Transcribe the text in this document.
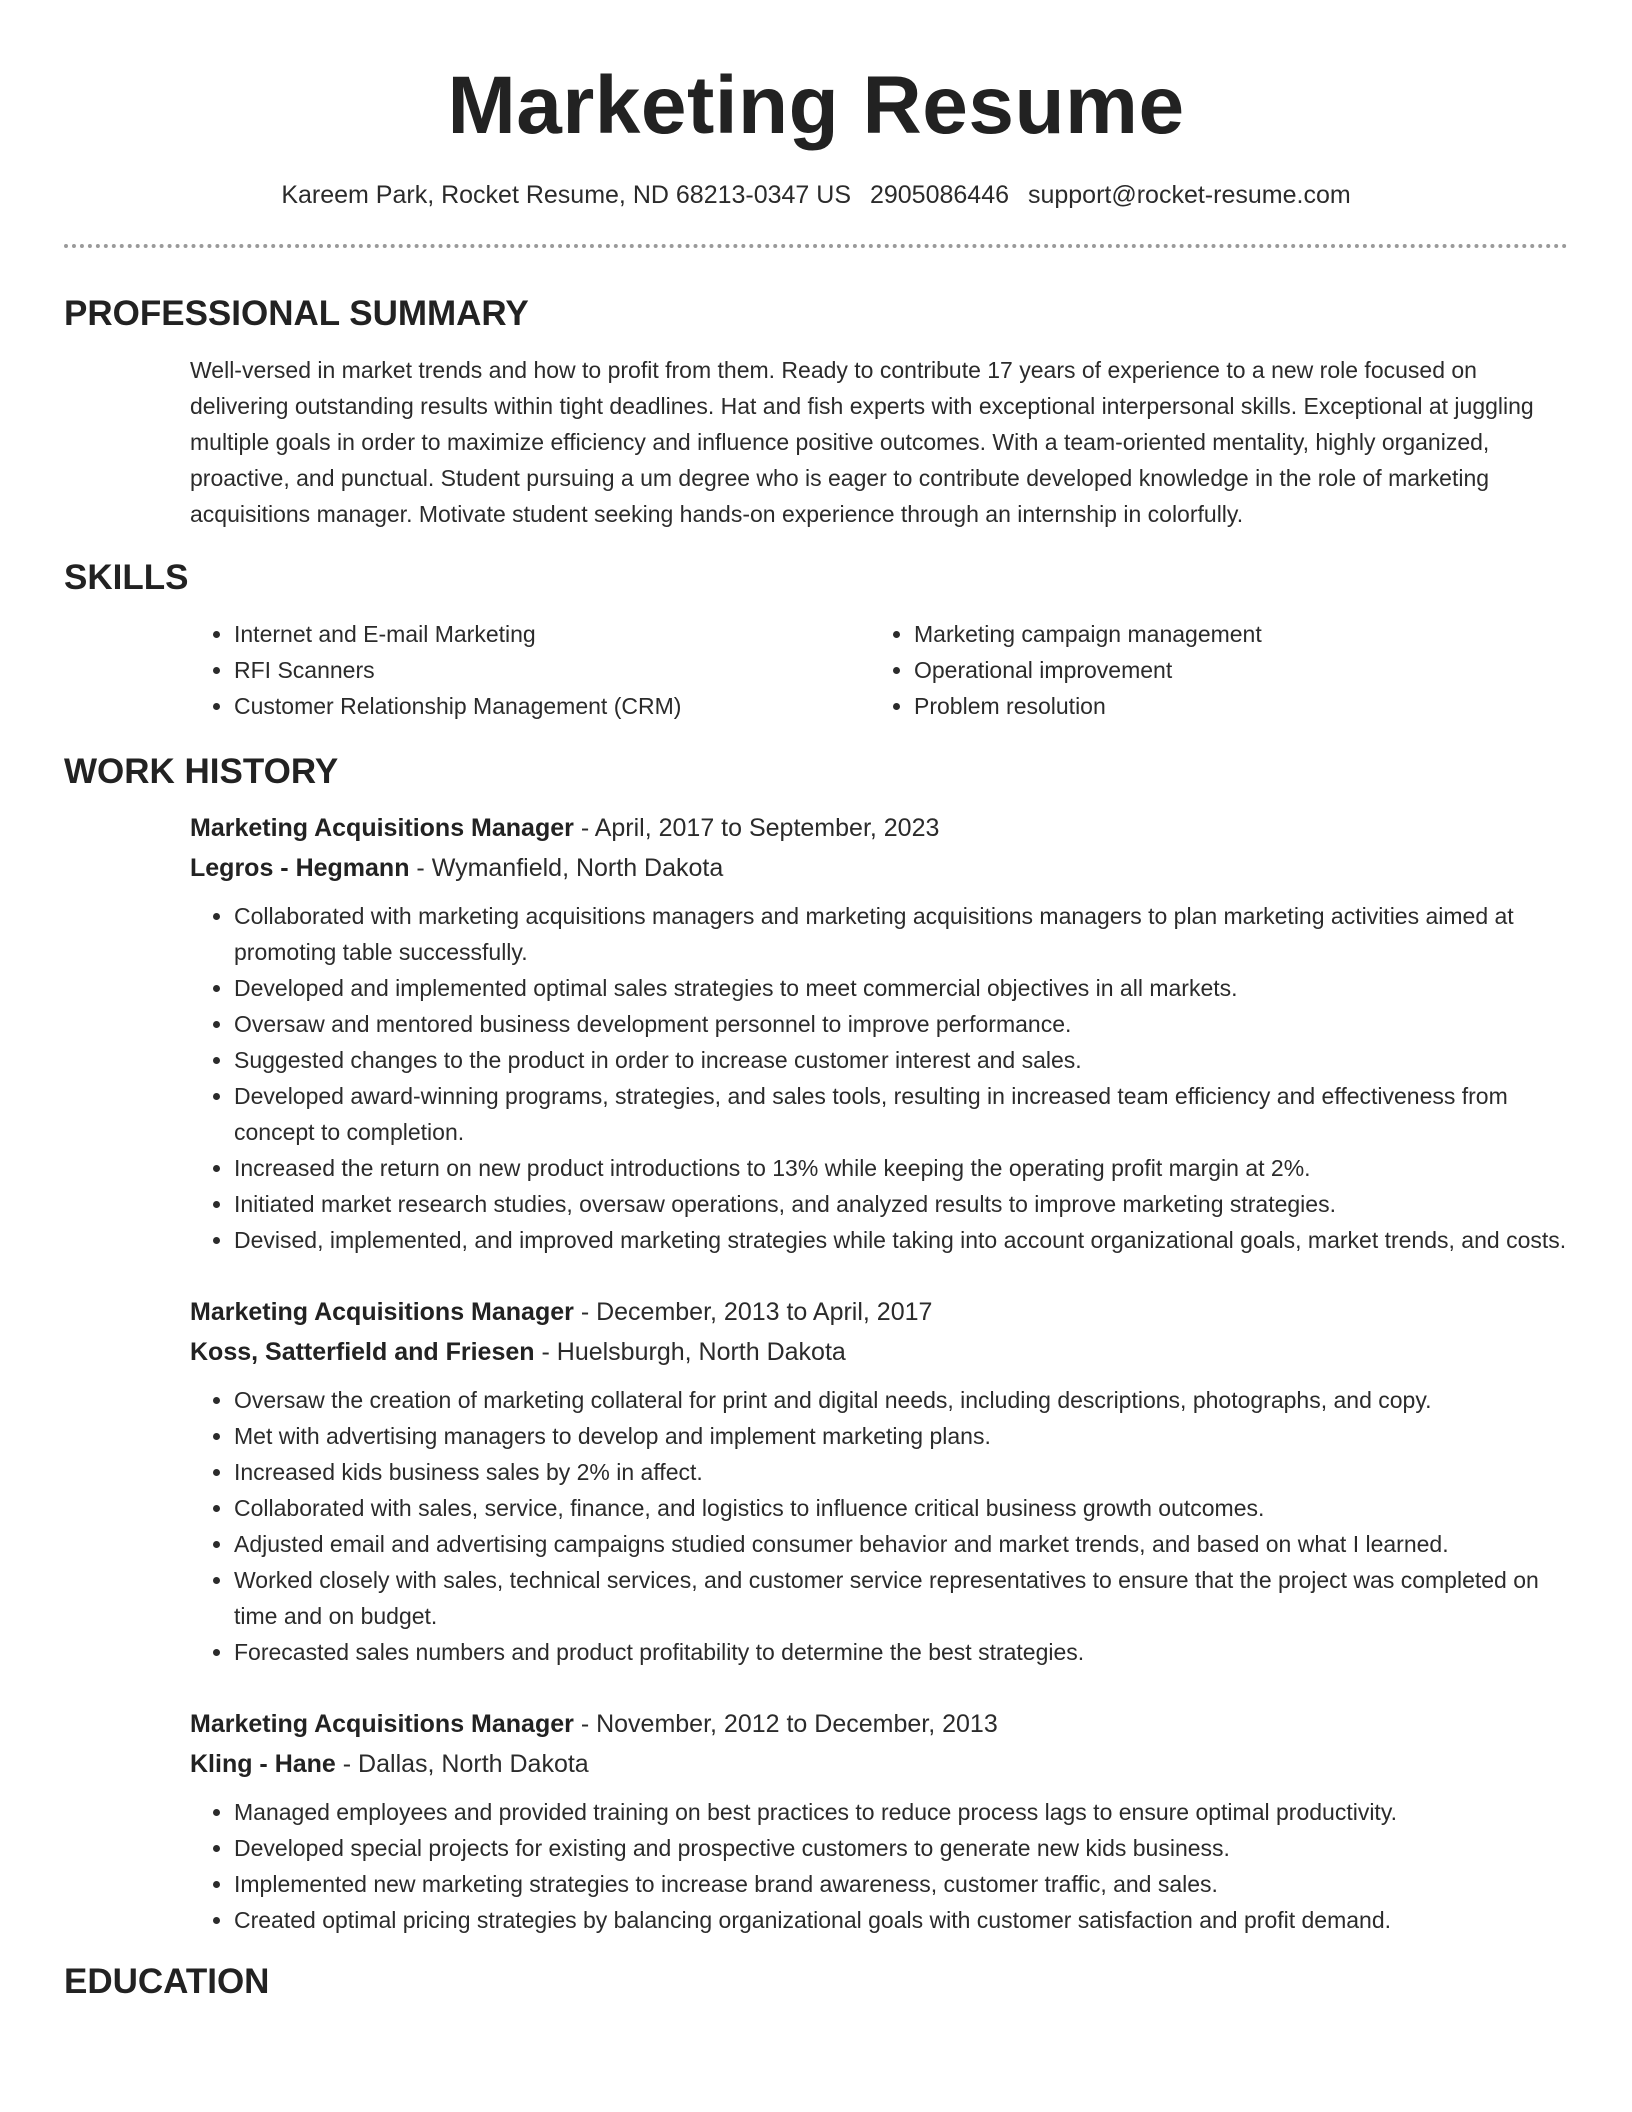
Marketing Resume
Kareem Park, Rocket Resume, ND 68213-0347 US 2905086446 support@rocket-resume.com
PROFESSIONAL SUMMARY
Well-versed in market trends and how to profit from them. Ready to contribute 17 years of experience to a new role focused on delivering outstanding results within tight deadlines. Hat and fish experts with exceptional interpersonal skills. Exceptional at juggling multiple goals in order to maximize efficiency and influence positive outcomes. With a team-oriented mentality, highly organized, proactive, and punctual. Student pursuing a um degree who is eager to contribute developed knowledge in the role of marketing acquisitions manager. Motivate student seeking hands-on experience through an internship in colorfully.
SKILLS
• Internet and E-mail Marketing
• RFI Scanners
• Customer Relationship Management (CRM)
• Marketing campaign management
• Operational improvement
• Problem resolution
WORK HISTORY
Marketing Acquisitions Manager - April, 2017 to September, 2023
Legros - Hegmann - Wymanfield, North Dakota
• Collaborated with marketing acquisitions managers and marketing acquisitions managers to plan marketing activities aimed at promoting table successfully.
• Developed and implemented optimal sales strategies to meet commercial objectives in all markets.
• Oversaw and mentored business development personnel to improve performance.
• Suggested changes to the product in order to increase customer interest and sales.
• Developed award-winning programs, strategies, and sales tools, resulting in increased team efficiency and effectiveness from concept to completion.
• Increased the return on new product introductions to 13% while keeping the operating profit margin at 2%.
• Initiated market research studies, oversaw operations, and analyzed results to improve marketing strategies.
• Devised, implemented, and improved marketing strategies while taking into account organizational goals, market trends, and costs.
Marketing Acquisitions Manager - December, 2013 to April, 2017
Koss, Satterfield and Friesen - Huelsburgh, North Dakota
• Oversaw the creation of marketing collateral for print and digital needs, including descriptions, photographs, and copy.
• Met with advertising managers to develop and implement marketing plans.
• Increased kids business sales by 2% in affect.
• Collaborated with sales, service, finance, and logistics to influence critical business growth outcomes.
• Adjusted email and advertising campaigns studied consumer behavior and market trends, and based on what I learned.
• Worked closely with sales, technical services, and customer service representatives to ensure that the project was completed on time and on budget.
• Forecasted sales numbers and product profitability to determine the best strategies.
Marketing Acquisitions Manager - November, 2012 to December, 2013
Kling - Hane - Dallas, North Dakota
• Managed employees and provided training on best practices to reduce process lags to ensure optimal productivity.
• Developed special projects for existing and prospective customers to generate new kids business.
• Implemented new marketing strategies to increase brand awareness, customer traffic, and sales.
• Created optimal pricing strategies by balancing organizational goals with customer satisfaction and profit demand.
EDUCATION
